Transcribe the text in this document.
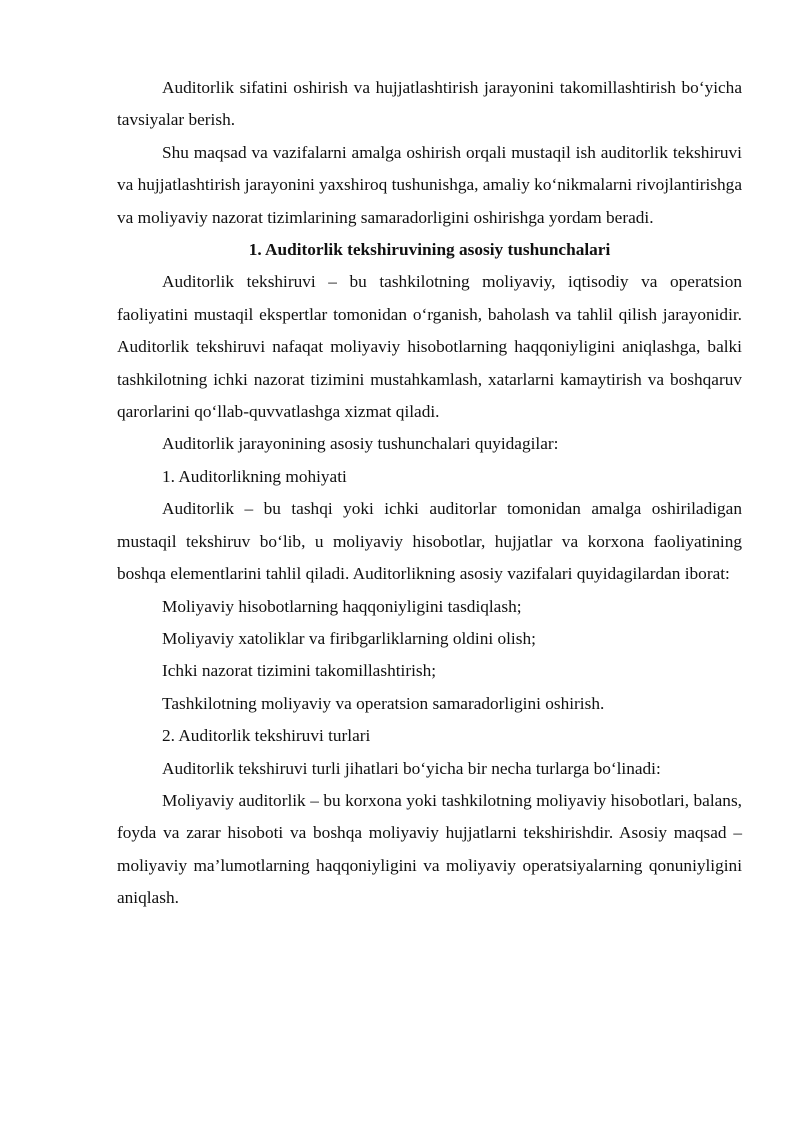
Auditorlik sifatini oshirish va hujjatlashtirish jarayonini takomillashtirish bo‘yicha tavsiyalar berish.

Shu maqsad va vazifalarni amalga oshirish orqali mustaqil ish auditorlik tekshiruvi va hujjatlashtirish jarayonini yaxshiroq tushunishga, amaliy ko‘nikmalarni rivojlantirishga va moliyaviy nazorat tizimlarining samaradorligini oshirishga yordam beradi.

1. Auditorlik tekshiruvining asosiy tushunchalari

Auditorlik tekshiruvi – bu tashkilotning moliyaviy, iqtisodiy va operatsion faoliyatini mustaqil ekspertlar tomonidan o‘rganish, baholash va tahlil qilish jarayonidir. Auditorlik tekshiruvi nafaqat moliyaviy hisobotlarning haqqoniyligini aniqlashga, balki tashkilotning ichki nazorat tizimini mustahkamlash, xatarlarni kamaytirish va boshqaruv qarorlarini qo‘llab-quvvatlashga xizmat qiladi.

Auditorlik jarayonining asosiy tushunchalari quyidagilar:

1. Auditorlikning mohiyati

Auditorlik – bu tashqi yoki ichki auditorlar tomonidan amalga oshiriladigan mustaqil tekshiruv bo‘lib, u moliyaviy hisobotlar, hujjatlar va korxona faoliyatining boshqa elementlarini tahlil qiladi. Auditorlikning asosiy vazifalari quyidagilardan iborat:

Moliyaviy hisobotlarning haqqoniyligini tasdiqlash;

Moliyaviy xatoliklar va firibgarliklarning oldini olish;

Ichki nazorat tizimini takomillashtirish;

Tashkilotning moliyaviy va operatsion samaradorligini oshirish.

2. Auditorlik tekshiruvi turlari

Auditorlik tekshiruvi turli jihatlari bo‘yicha bir necha turlarga bo‘linadi:

Moliyaviy auditorlik – bu korxona yoki tashkilotning moliyaviy hisobotlari, balans, foyda va zarar hisoboti va boshqa moliyaviy hujjatlarni tekshirishdir. Asosiy maqsad – moliyaviy ma’lumotlarning haqqoniyligini va moliyaviy operatsiyalarning qonuniyligini aniqlash.
